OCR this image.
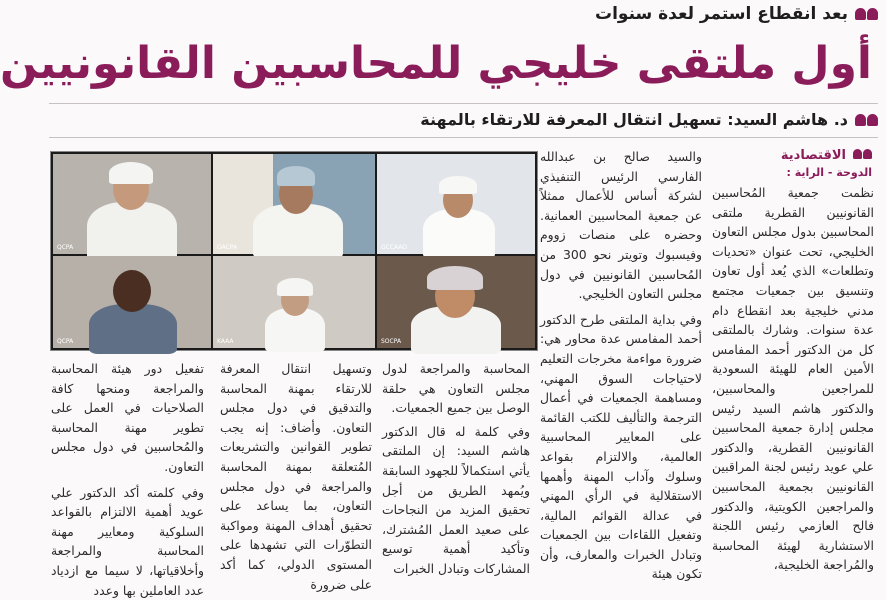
بعد انقطاع استمر لعدة سنوات
أول ملتقى خليجي للمحاسبين القانونيين
د. هاشم السيد: تسهيل انتقال المعرفة للارتقاء بالمهنة
الاقتصادية
الدوحة - الراية :

نظمت جمعية المُحاسبين القانونيين القطرية ملتقى المحاسبين بدول مجلس التعاون الخليجي، تحت عنوان «تحديات وتطلعات» الذي يُعد أول تعاون وتنسيق بين جمعيات مجتمع مدني خليجية بعد انقطاع دام عدة سنوات. وشارك بالملتقى كل من الدكتور أحمد المفامس الأمين العام للهيئة السعودية للمراجعين والمحاسبين، والدكتور هاشم السيد رئيس مجلس إدارة جمعية المحاسبين القانونيين القطرية، والدكتور علي عويد رئيس لجنة المراقبين القانونيين بجمعية المحاسبين والمراجعين الكويتية، والدكتور فالح العازمي رئيس اللجنة الاستشارية لهيئة المحاسبة والمُراجعة الخليجية،

والسيد صالح بن عبدالله الفارسي الرئيس التنفيذي لشركة أساس للأعمال ممثلاً عن جمعية المحاسبين العمانية. وحضره على منصات زووم وفيسبوك وتويتر نحو 300 من المُحاسبين القانونيين في دول مجلس التعاون الخليجي.

وفي بداية الملتقى طرح الدكتور أحمد المفامس عدة محاور هي: ضرورة مواءمة مخرجات التعليم لاحتياجات السوق المهني، ومساهمة الجمعيات في أعمال الترجمة والتأليف للكتب القائمة على المعايير المحاسبية العالمية، والالتزام بقواعد وسلوك وآداب المهنة وأهمها الاستقلالية في الرأي المهني في عدالة القوائم المالية، وتفعيل اللقاءات بين الجمعيات وتبادل الخبرات والمعارف، وأن تكون هيئة

QCPA	OACPA	GCCAAO
QCPA	KAAA	SOCPA

المحاسبة والمراجعة لدول مجلس التعاون هي حلقة الوصل بين جميع الجمعيات.

وفي كلمة له قال الدكتور هاشم السيد: إن الملتقى يأتي استكمالاً للجهود السابقة ويُمهد الطريق من أجل تحقيق المزيد من النجاحات على صعيد العمل المُشترك، وتأكيد أهمية توسيع المشاركات وتبادل الخبرات

وتسهيل انتقال المعرفة للارتقاء بمهنة المحاسبة والتدقيق في دول مجلس التعاون. وأضاف: إنه يجب تطوير القوانين والتشريعات المُتعلقة بمهنة المحاسبة والمراجعة في دول مجلس التعاون، بما يساعد على تحقيق أهداف المهنة ومواكبة التطوّرات التي تشهدها على المستوى الدولي، كما أكد على ضرورة

تفعيل دور هيئة المحاسبة والمراجعة ومنحها كافة الصلاحيات في العمل على تطوير مهنة المحاسبة والمُحاسبين في دول مجلس التعاون.

وفي كلمته أكد الدكتور علي عويد أهمية الالتزام بالقواعد السلوكية ومعايير مهنة المحاسبة والمراجعة وأخلاقياتها، لا سيما مع ازدياد عدد العاملين بها وعدد
